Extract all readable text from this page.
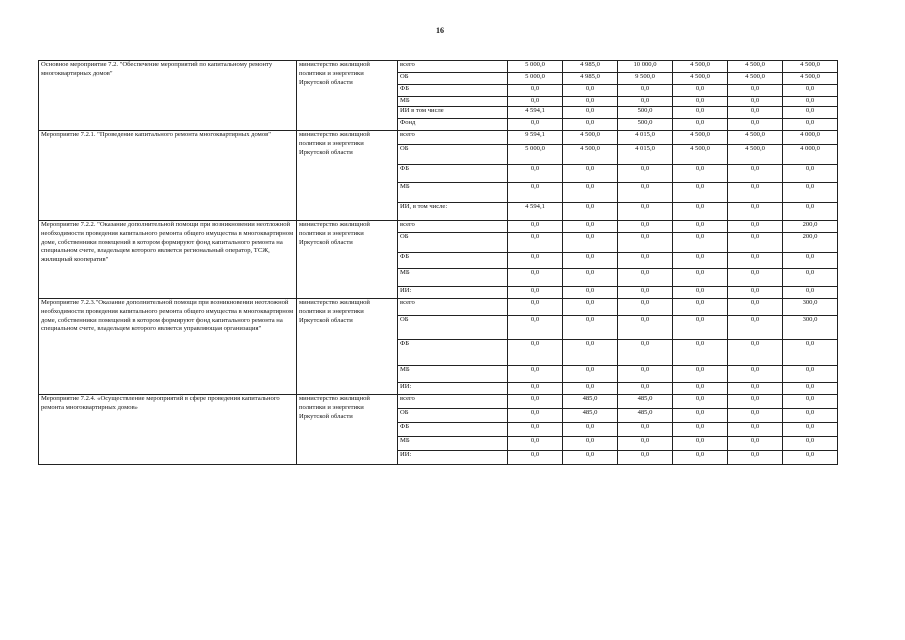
16
Основное мероприятие 7.2. "Обеспечение мероприятий по капитальному ремонту многоквартирных домов"	министерство жилищной политики и энергетики Иркутской области	всего	5 000,0	4 985,0	10 000,0	4 500,0	4 500,0	4 500,0
		ОБ	5 000,0	4 985,0	9 500,0	4 500,0	4 500,0	4 500,0
		ФБ	0,0	0,0	0,0	0,0	0,0	0,0
		МБ	0,0	0,0	0,0	0,0	0,0	0,0
		ИИ в том числе	4 594,1	0,0	500,0	0,0	0,0	0,0
		Фонд	0,0	0,0	500,0	0,0	0,0	0,0
Мероприятие 7.2.1. "Проведение капитального ремонта многоквартирных домов"	министерство жилищной политики и энергетики Иркутской области	всего	9 594,1	4 500,0	4 015,0	4 500,0	4 500,0	4 000,0
		ОБ	5 000,0	4 500,0	4 015,0	4 500,0	4 500,0	4 000,0
		ФБ	0,0	0,0	0,0	0,0	0,0	0,0
		МБ	0,0	0,0	0,0	0,0	0,0	0,0
		ИИ, в том числе:	4 594,1	0,0	0,0	0,0	0,0	0,0
Мероприятие 7.2.2. "Оказание дополнительной помощи при возникновении неотложной необходимости проведения капитального ремонта общего имущества в многоквартирном доме, собственники помещений в котором формируют фонд капитального ремонта на специальном счете, владельцем которого является региональный оператор, ТСЖ, жилищный кооператив"	министерство жилищной политики и энергетики Иркутской области	всего	0,0	0,0	0,0	0,0	0,0	200,0
		ОБ	0,0	0,0	0,0	0,0	0,0	200,0
		ФБ	0,0	0,0	0,0	0,0	0,0	0,0
		МБ	0,0	0,0	0,0	0,0	0,0	0,0
		ИИ:	0,0	0,0	0,0	0,0	0,0	0,0
Мероприятие 7.2.3."Оказание дополнительной помощи при возникновении неотложной необходимости проведения капитального ремонта общего имущества в многоквартирном доме, собственники помещений в котором формируют фонд капитального ремонта на специальном счете, владельцем которого является управляющая организация"	министерство жилищной политики и энергетики Иркутской области	всего	0,0	0,0	0,0	0,0	0,0	300,0
		ОБ	0,0	0,0	0,0	0,0	0,0	300,0
		ФБ	0,0	0,0	0,0	0,0	0,0	0,0
		МБ	0,0	0,0	0,0	0,0	0,0	0,0
		ИИ:	0,0	0,0	0,0	0,0	0,0	0,0
Мероприятие 7.2.4. «Осуществление мероприятий в сфере проведения капитального ремонта многоквартирных домов»	министерство жилищной политики и энергетики Иркутской области	всего	0,0	485,0	485,0	0,0	0,0	0,0
		ОБ	0,0	485,0	485,0	0,0	0,0	0,0
		ФБ	0,0	0,0	0,0	0,0	0,0	0,0
		МБ	0,0	0,0	0,0	0,0	0,0	0,0
		ИИ:	0,0	0,0	0,0	0,0	0,0	0,0
